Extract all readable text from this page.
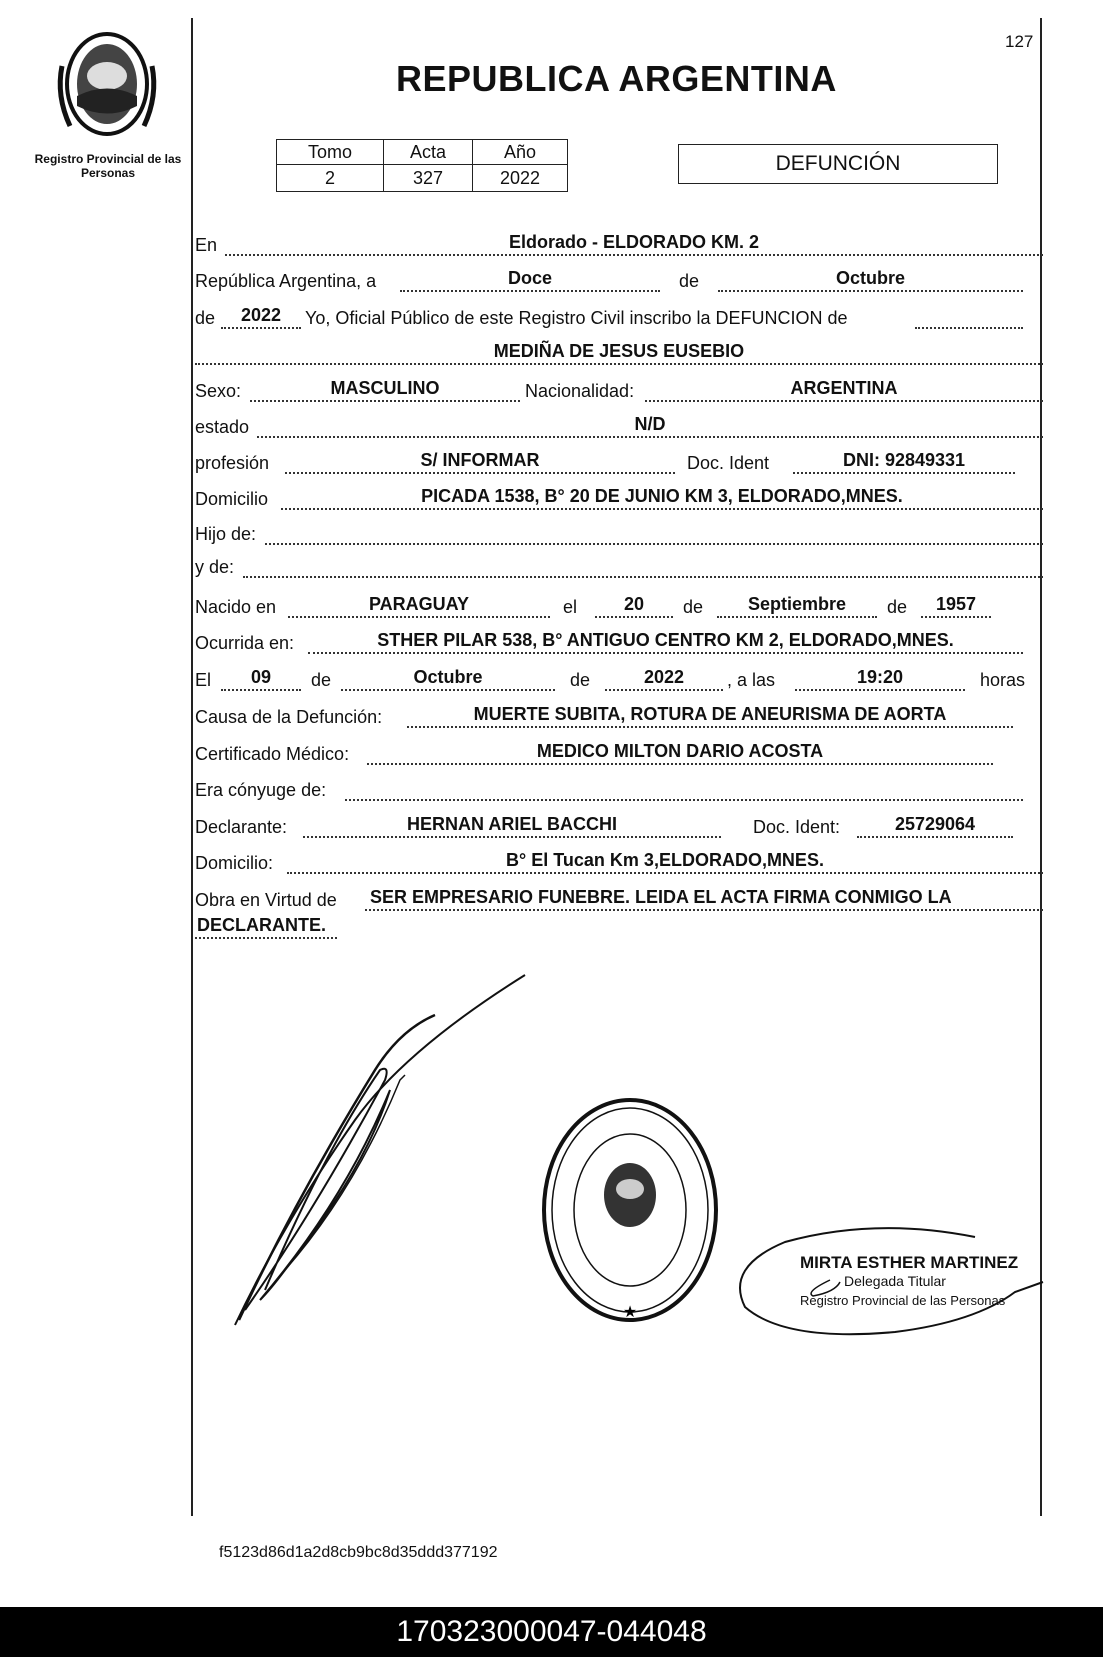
Registro Provincial de las Personas
127
REPUBLICA ARGENTINA
Tomo	Acta	Año
2	327	2022
DEFUNCIÓN
En	Eldorado - ELDORADO KM. 2
República Argentina, a	Doce	de	Octubre
de	2022	Yo, Oficial Público de este Registro Civil inscribo la DEFUNCION de
MEDIÑA DE JESUS EUSEBIO
Sexo:	MASCULINO	Nacionalidad:	ARGENTINA
estado	N/D
profesión	S/ INFORMAR	Doc. Ident	DNI: 92849331
Domicilio	PICADA 1538, B° 20 DE JUNIO KM 3, ELDORADO,MNES.
Hijo de:
y de:
Nacido en	PARAGUAY	el	20	de	Septiembre	de	1957
Ocurrida en:	STHER PILAR 538, B° ANTIGUO CENTRO KM 2, ELDORADO,MNES.
El	09	de	Octubre	de	2022	, a las	19:20	horas
Causa de la Defunción:	MUERTE SUBITA, ROTURA DE ANEURISMA DE AORTA
Certificado Médico:	MEDICO MILTON DARIO ACOSTA
Era cónyuge de:
Declarante:	HERNAN ARIEL BACCHI	Doc. Ident:	25729064
Domicilio:	B° El Tucan Km 3,ELDORADO,MNES.
Obra en Virtud de SER EMPRESARIO FUNEBRE. LEIDA EL ACTA FIRMA CONMIGO LA
DECLARANTE.
★
MIRTA ESTHER MARTINEZ
Delegada Titular
Registro Provincial de las Personas
f5123d86d1a2d8cb9bc8d35ddd377192
170323000047-044048
